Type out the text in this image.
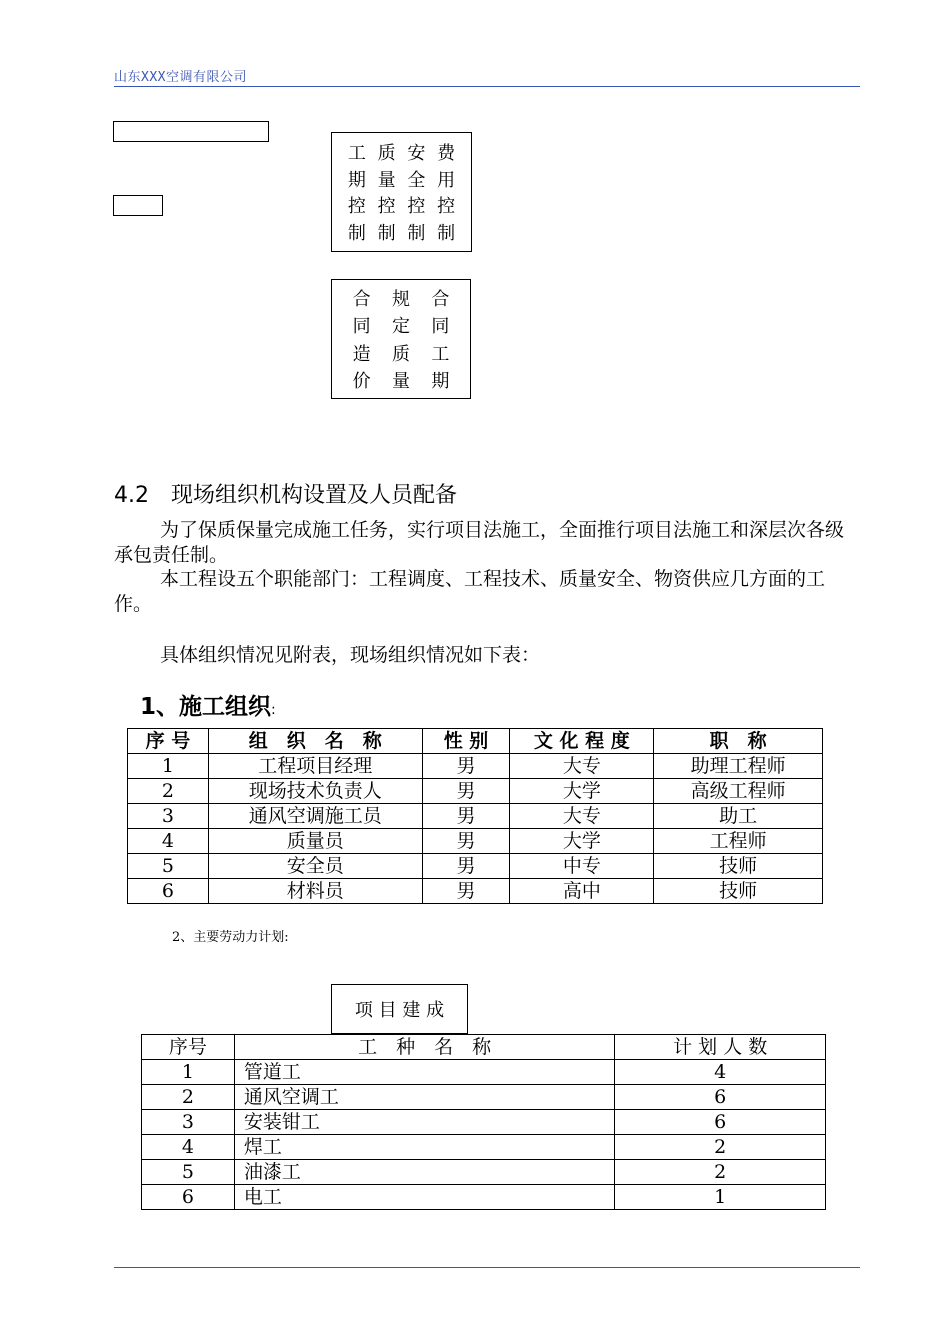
山东XXX空调有限公司
工 质 安 费
期 量 全 用
控 控 控 控
制 制 制 制
合	规	合
同	定	同
造	质	工
价	量	期
4.2　现场组织机构设置及人员配备
为了保质保量完成施工任务，实行项目法施工，全面推行项目法施工和深层次各级承包责任制。
本工程设五个职能部门：工程调度、工程技术、质量安全、物资供应几方面的工作。
具体组织情况见附表，现场组织情况如下表：
1、施工组织:
序 号	组　织　名　称	性 别	文 化 程 度	职　称
1	工程项目经理	男	大专	助理工程师
2	现场技术负责人	男	大学	高级工程师
3	通风空调施工员	男	大专	助工
4	质量员	男	大学	工程师
5	安全员	男	中专	技师
6	材料员	男	高中	技师
2、主要劳动力计划:
项 目 建 成
序号	工　种　名　称	计 划 人 数
1	管道工	4
2	通风空调工	6
3	安装钳工	6
4	焊工	2
5	油漆工	2
6	电工	1
